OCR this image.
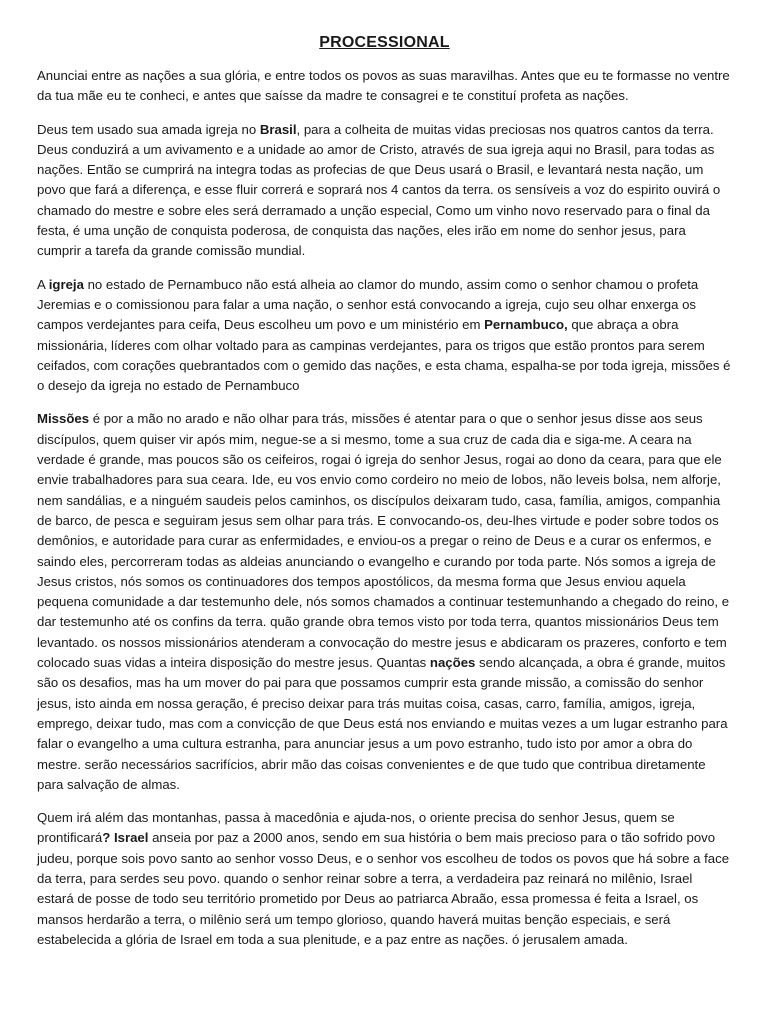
PROCESSIONAL

Anunciai entre as nações a sua glória, e entre todos os povos as suas maravilhas. Antes que eu te formasse no ventre da tua mãe eu te conheci, e antes que saísse da madre te consagrei e te constituí profeta as nações.

Deus tem usado sua amada igreja no Brasil, para a colheita de muitas vidas preciosas nos quatros cantos da terra. Deus conduzirá a um avivamento e a unidade ao amor de Cristo, através de sua igreja aqui no Brasil, para todas as nações. Então se cumprirá na integra todas as profecias de que Deus usará o Brasil, e levantará nesta nação, um povo que fará a diferença, e esse fluir correrá e soprará nos 4 cantos da terra. os sensíveis a voz do espirito ouvirá o chamado do mestre e sobre eles será derramado a unção especial, Como um vinho novo reservado para o final da festa, é uma unção de conquista poderosa, de conquista das nações, eles irão em nome do senhor jesus, para cumprir a tarefa da grande comissão mundial.

A igreja no estado de Pernambuco não está alheia ao clamor do mundo, assim como o senhor chamou o profeta Jeremias e o comissionou para falar a uma nação, o senhor está convocando a igreja, cujo seu olhar enxerga os campos verdejantes para ceifa, Deus escolheu um povo e um ministério em Pernambuco, que abraça a obra missionária, líderes com olhar voltado para as campinas verdejantes, para os trigos que estão prontos para serem ceifados, com corações quebrantados com o gemido das nações, e esta chama, espalha-se por toda igreja, missões é o desejo da igreja no estado de Pernambuco

Missões é por a mão no arado e não olhar para trás, missões é atentar para o que o senhor jesus disse aos seus discípulos, quem quiser vir após mim, negue-se a si mesmo, tome a sua cruz de cada dia e siga-me. A ceara na verdade é grande, mas poucos são os ceifeiros, rogai ó igreja do senhor Jesus, rogai ao dono da ceara, para que ele envie trabalhadores para sua ceara. Ide, eu vos envio como cordeiro no meio de lobos, não leveis bolsa, nem alforje, nem sandálias, e a ninguém saudeis pelos caminhos, os discípulos deixaram tudo, casa, família, amigos, companhia de barco, de pesca e seguiram jesus sem olhar para trás. E convocando-os, deu-lhes virtude e poder sobre todos os demônios, e autoridade para curar as enfermidades, e enviou-os a pregar o reino de Deus e a curar os enfermos, e saindo eles, percorreram todas as aldeias anunciando o evangelho e curando por toda parte. Nós somos a igreja de Jesus cristos, nós somos os continuadores dos tempos apostólicos, da mesma forma que Jesus enviou aquela pequena comunidade a dar testemunho dele, nós somos chamados a continuar testemunhando a chegado do reino, e dar testemunho até os confins da terra. quão grande obra temos visto por toda terra, quantos missionários Deus tem levantado. os nossos missionários atenderam a convocação do mestre jesus e abdicaram os prazeres, conforto e tem colocado suas vidas a inteira disposição do mestre jesus. Quantas nações sendo alcançada, a obra é grande, muitos são os desafios, mas ha um mover do pai para que possamos cumprir esta grande missão, a comissão do senhor jesus, isto ainda em nossa geração, é preciso deixar para trás muitas coisa, casas, carro, família, amigos, igreja, emprego, deixar tudo, mas com a convicção de que Deus está nos enviando e muitas vezes a um lugar estranho para falar o evangelho a uma cultura estranha, para anunciar jesus a um povo estranho, tudo isto por amor a obra do mestre. serão necessários sacrifícios, abrir mão das coisas convenientes e de que tudo que contribua diretamente para salvação de almas.

Quem irá além das montanhas, passa à macedônia e ajuda-nos, o oriente precisa do senhor Jesus, quem se prontificará? Israel anseia por paz a 2000 anos, sendo em sua história o bem mais precioso para o tão sofrido povo judeu, porque sois povo santo ao senhor vosso Deus, e o senhor vos escolheu de todos os povos que há sobre a face da terra, para serdes seu povo. quando o senhor reinar sobre a terra, a verdadeira paz reinará no milênio, Israel estará de posse de todo seu território prometido por Deus ao patriarca Abraão, essa promessa é feita a Israel, os mansos herdarão a terra, o milênio será um tempo glorioso, quando haverá muitas benção especiais, e será estabelecida a glória de Israel em toda a sua plenitude, e a paz entre as nações. ó jerusalem amada.
